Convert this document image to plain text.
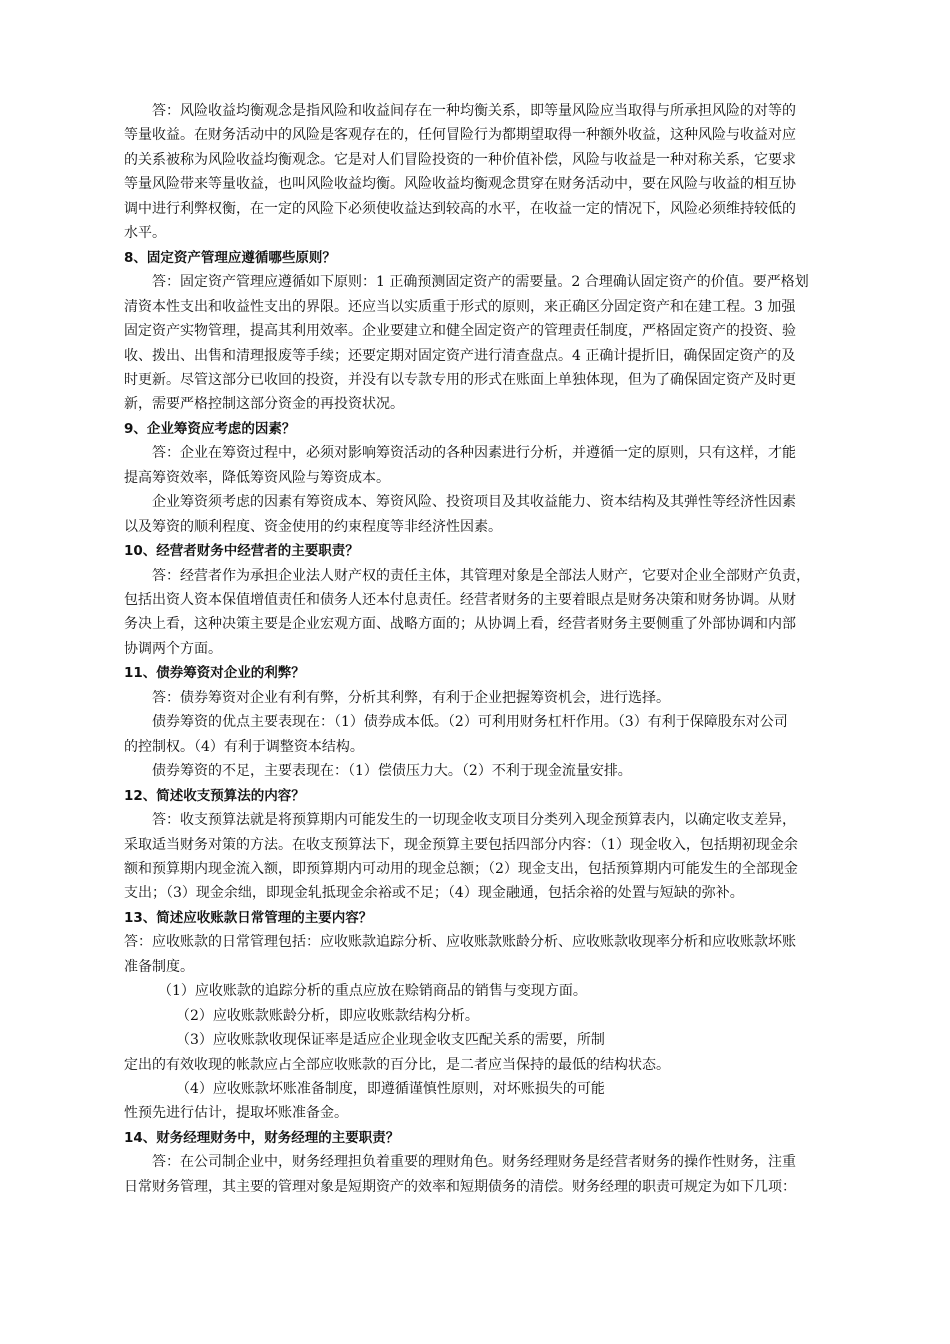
答：风险收益均衡观念是指风险和收益间存在一种均衡关系，即等量风险应当取得与所承担风险的对等的
等量收益。在财务活动中的风险是客观存在的，任何冒险行为都期望取得一种额外收益，这种风险与收益对应
的关系被称为风险收益均衡观念。它是对人们冒险投资的一种价值补偿，风险与收益是一种对称关系，它要求
等量风险带来等量收益，也叫风险收益均衡。风险收益均衡观念贯穿在财务活动中，要在风险与收益的相互协
调中进行利弊权衡，在一定的风险下必须使收益达到较高的水平，在收益一定的情况下，风险必须维持较低的
水平。
8、固定资产管理应遵循哪些原则？
答：固定资产管理应遵循如下原则：1 正确预测固定资产的需要量。2 合理确认固定资产的价值。要严格划
清资本性支出和收益性支出的界限。还应当以实质重于形式的原则，来正确区分固定资产和在建工程。3 加强
固定资产实物管理，提高其利用效率。企业要建立和健全固定资产的管理责任制度，严格固定资产的投资、验
收、拨出、出售和清理报废等手续；还要定期对固定资产进行清查盘点。4 正确计提折旧，确保固定资产的及
时更新。尽管这部分已收回的投资，并没有以专款专用的形式在账面上单独体现，但为了确保固定资产及时更
新，需要严格控制这部分资金的再投资状况。
9、企业筹资应考虑的因素？
答：企业在筹资过程中，必须对影响筹资活动的各种因素进行分析，并遵循一定的原则，只有这样，才能
提高筹资效率，降低筹资风险与筹资成本。
企业筹资须考虑的因素有筹资成本、筹资风险、投资项目及其收益能力、资本结构及其弹性等经济性因素
以及筹资的顺利程度、资金使用的约束程度等非经济性因素。
10、经营者财务中经营者的主要职责？
答：经营者作为承担企业法人财产权的责任主体，其管理对象是全部法人财产，它要对企业全部财产负责，
包括出资人资本保值增值责任和债务人还本付息责任。经营者财务的主要着眼点是财务决策和财务协调。从财
务决上看，这种决策主要是企业宏观方面、战略方面的；从协调上看，经营者财务主要侧重了外部协调和内部
协调两个方面。
11、债券筹资对企业的利弊？
答：债券筹资对企业有利有弊，分析其利弊，有利于企业把握筹资机会，进行选择。
债券筹资的优点主要表现在：（1）债券成本低。（2）可利用财务杠杆作用。（3）有利于保障股东对公司
的控制权。（4）有利于调整资本结构。
债券筹资的不足，主要表现在：（1）偿债压力大。（2）不利于现金流量安排。
12、简述收支预算法的内容？
答：收支预算法就是将预算期内可能发生的一切现金收支项目分类列入现金预算表内，以确定收支差异，
采取适当财务对策的方法。在收支预算法下，现金预算主要包括四部分内容：（1）现金收入，包括期初现金余
额和预算期内现金流入额，即预算期内可动用的现金总额；（2）现金支出，包括预算期内可能发生的全部现金
支出；（3）现金余绌，即现金轧抵现金余裕或不足；（4）现金融通，包括余裕的处置与短缺的弥补。
13、简述应收账款日常管理的主要内容？
答：应收账款的日常管理包括：应收账款追踪分析、应收账款账龄分析、应收账款收现率分析和应收账款坏账
准备制度。
（1）应收账款的追踪分析的重点应放在赊销商品的销售与变现方面。
（2）应收账款账龄分析，即应收账款结构分析。
（3）应收账款收现保证率是适应企业现金收支匹配关系的需要，所制
定出的有效收现的帐款应占全部应收账款的百分比，是二者应当保持的最低的结构状态。
（4）应收账款坏账准备制度，即遵循谨慎性原则，对坏账损失的可能
性预先进行估计，提取坏账准备金。
14、财务经理财务中，财务经理的主要职责？
答：在公司制企业中，财务经理担负着重要的理财角色。财务经理财务是经营者财务的操作性财务，注重
日常财务管理，其主要的管理对象是短期资产的效率和短期债务的清偿。财务经理的职责可规定为如下几项：
